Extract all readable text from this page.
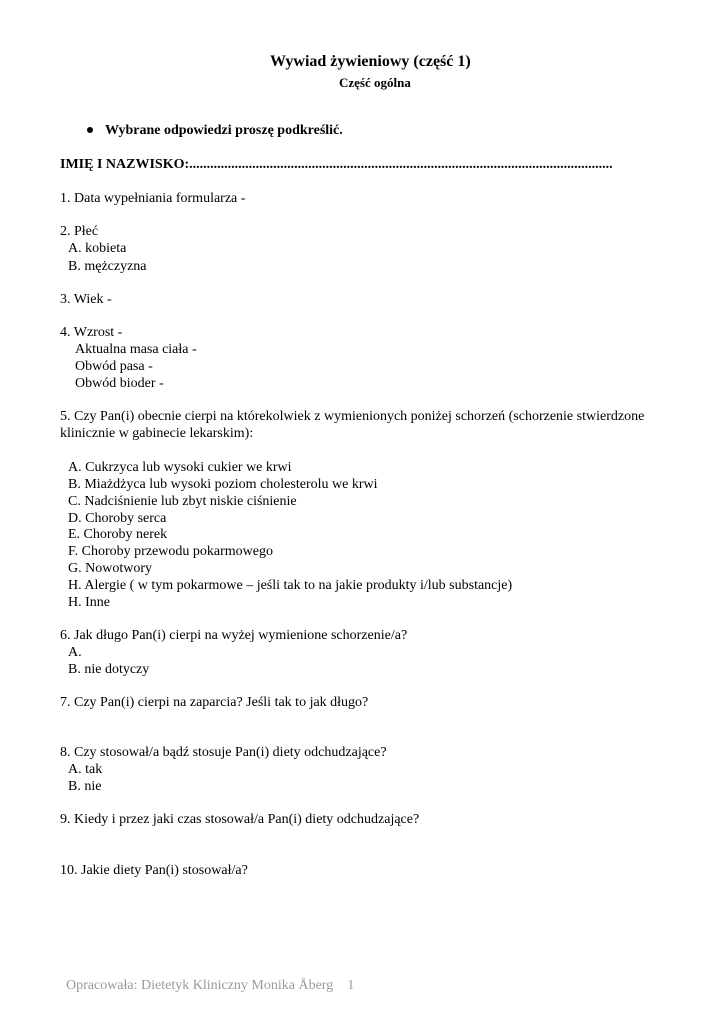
Wywiad żywieniowy (część 1)
Część ogólna
Wybrane odpowiedzi proszę podkreślić.
IMIĘ I NAZWISKO:.........................................................................................................................
1. Data wypełniania formularza -
2. Płeć
A. kobieta
B. mężczyzna
3. Wiek -
4. Wzrost -
Aktualna masa ciała -
Obwód pasa -
Obwód bioder -
5. Czy Pan(i) obecnie cierpi na którekolwiek z wymienionych poniżej schorzeń (schorzenie stwierdzone
klinicznie w gabinecie lekarskim):
A. Cukrzyca lub wysoki cukier we krwi
B. Miażdżyca lub wysoki poziom cholesterolu we krwi
C. Nadciśnienie lub zbyt niskie ciśnienie
D. Choroby serca
E. Choroby nerek
F. Choroby przewodu pokarmowego
G. Nowotwory
H. Alergie ( w tym pokarmowe – jeśli tak to na jakie produkty i/lub substancje)
H. Inne
6. Jak długo Pan(i) cierpi na wyżej wymienione schorzenie/a?
A.
B. nie dotyczy
7. Czy Pan(i) cierpi na zaparcia? Jeśli tak to jak długo?
8. Czy stosował/a bądź stosuje Pan(i) diety odchudzające?
A. tak
B. nie
9. Kiedy i przez jaki czas stosował/a Pan(i) diety odchudzające?
10. Jakie diety Pan(i) stosował/a?
Opracowała: Dietetyk Kliniczny Monika Åberg    1
